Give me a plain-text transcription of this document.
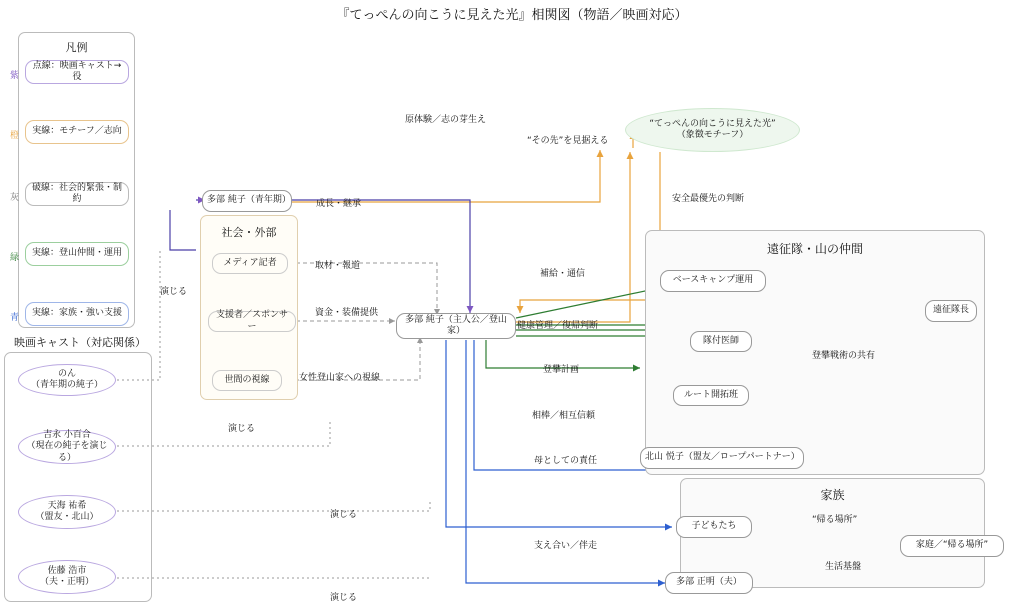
『てっぺんの向こうに見えた光』相関図（物語／映画対応）
凡例
映画キャスト（対応関係）
社会・外部
遠征隊・山の仲間
家族
紫
点線：映画キャスト→役
橙	実線：モチーフ／志向
灰
破線：社会的緊張・制約
緑	実線：登山仲間・運用
青	実線：家族・強い支援
のん
（青年期の純子）
吉永 小百合
（現在の純子を演じる）
天海 祐希
（盟友・北山）
佐藤 浩市
（夫・正明）
“てっぺんの向こうに見えた光”
（象徴モチーフ）
多部 純子（青年期）
多部 純子（主人公／登山家）
メディア記者
支援者／スポンサー
世間の視線
ベースキャンプ運用
隊付医師
ルート開拓班
遠征隊長
北山 悦子（盟友／ロープパートナー）
子どもたち
多部 正明（夫）
家庭／“帰る場所”
原体験／志の芽生え
“その先”を見据える
成長・継承	安全最優先の判断
取材・報道
資金・装備提供
女性登山家への視線
補給・通信
健康管理／復帰判断
登攀戦術の共有
登攀計画
相棒／相互信頼
母としての責任
“帰る場所”
支え合い／伴走
生活基盤
演じる
演じる
演じる
演じる
